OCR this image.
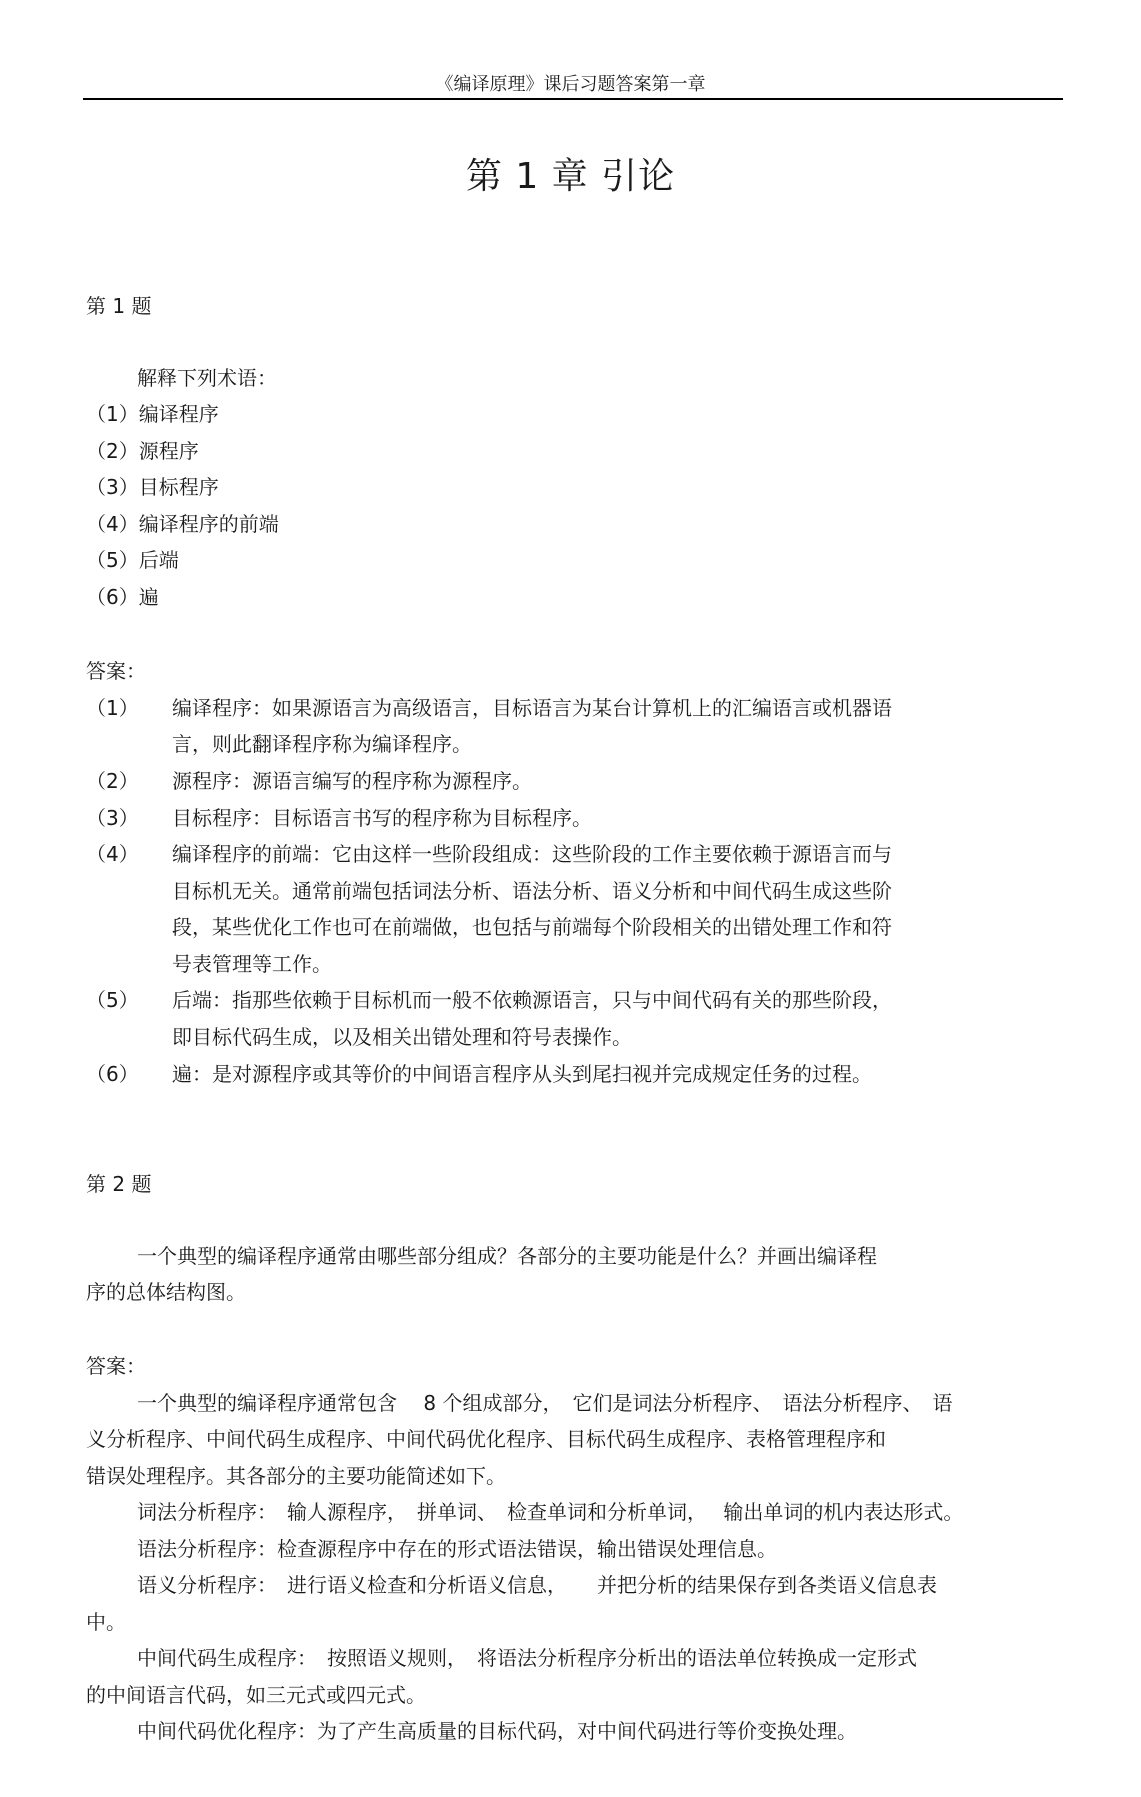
《编译原理》课后习题答案第一章
第 1 章 引论
第 1 题
解释下列术语：
（1）编译程序
（2）源程序
（3）目标程序
（4）编译程序的前端
（5）后端
（6）遍
答案：
（1） 编译程序：如果源语言为高级语言，目标语言为某台计算机上的汇编语言或机器语
言，则此翻译程序称为编译程序。
（2） 源程序：源语言编写的程序称为源程序。
（3） 目标程序：目标语言书写的程序称为目标程序。
（4） 编译程序的前端：它由这样一些阶段组成：这些阶段的工作主要依赖于源语言而与
目标机无关。通常前端包括词法分析、语法分析、语义分析和中间代码生成这些阶
段，某些优化工作也可在前端做，也包括与前端每个阶段相关的出错处理工作和符
号表管理等工作。
（5） 后端：指那些依赖于目标机而一般不依赖源语言，只与中间代码有关的那些阶段，
即目标代码生成，以及相关出错处理和符号表操作。
（6） 遍：是对源程序或其等价的中间语言程序从头到尾扫视并完成规定任务的过程。
第 2 题
一个典型的编译程序通常由哪些部分组成？各部分的主要功能是什么？并画出编译程
序的总体结构图。
答案：
一个典型的编译程序通常包含　 8 个组成部分，　它们是词法分析程序、　语法分析程序、　语
义分析程序、中间代码生成程序、中间代码优化程序、目标代码生成程序、表格管理程序和
错误处理程序。其各部分的主要功能简述如下。
词法分析程序：　输人源程序，　拼单词、　检查单词和分析单词，　 输出单词的机内表达形式。
语法分析程序：检查源程序中存在的形式语法错误，输出错误处理信息。
语义分析程序：　进行语义检查和分析语义信息，　　并把分析的结果保存到各类语义信息表
中。
中间代码生成程序：　按照语义规则，　将语法分析程序分析出的语法单位转换成一定形式
的中间语言代码，如三元式或四元式。
中间代码优化程序：为了产生高质量的目标代码，对中间代码进行等价变换处理。
